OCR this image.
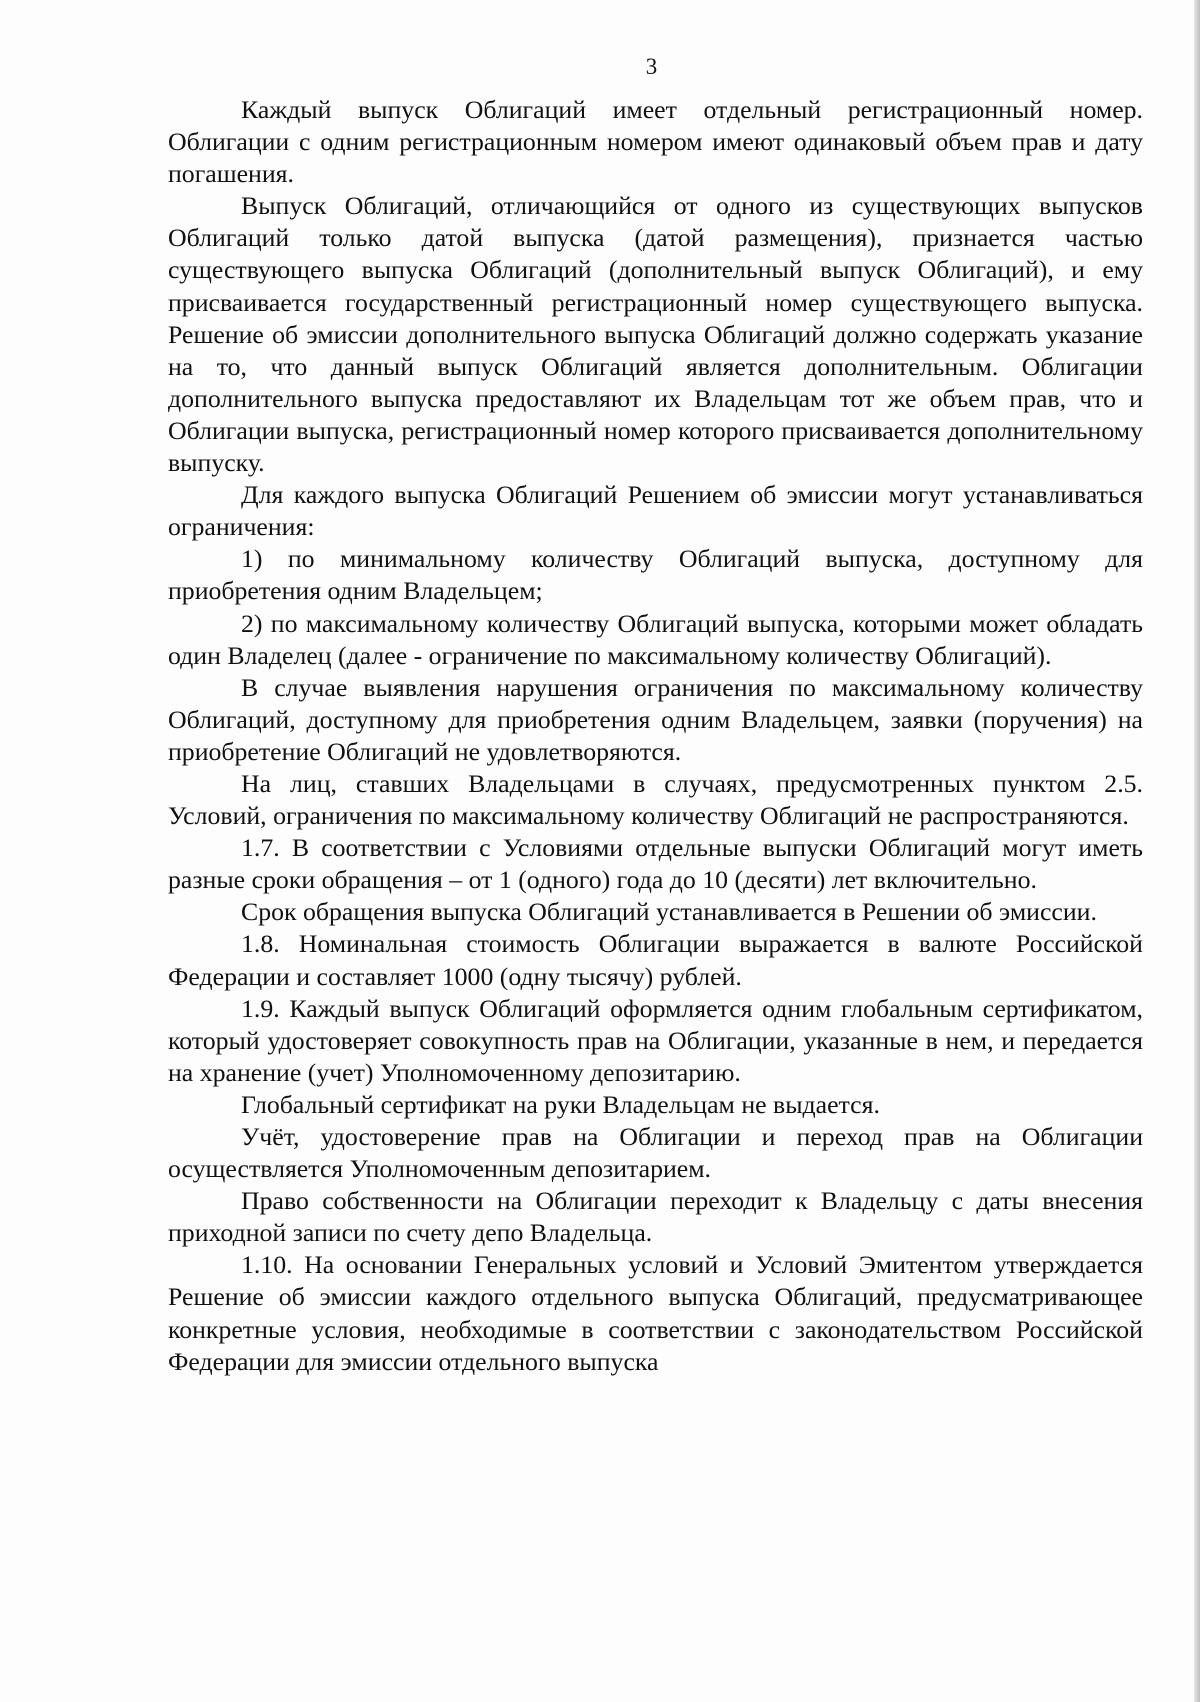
3

Каждый выпуск Облигаций имеет отдельный регистрационный номер. Облигации с одним регистрационным номером имеют одинаковый объем прав и дату погашения.

Выпуск Облигаций, отличающийся от одного из существующих выпусков Облигаций только датой выпуска (датой размещения), признается частью существующего выпуска Облигаций (дополнительный выпуск Облигаций), и ему присваивается государственный регистрационный номер существующего выпуска. Решение об эмиссии дополнительного выпуска Облигаций должно содержать указание на то, что данный выпуск Облигаций является дополнительным. Облигации дополнительного выпуска предоставляют их Владельцам тот же объем прав, что и Облигации выпуска, регистрационный номер которого присваивается дополнительному выпуску.

Для каждого выпуска Облигаций Решением об эмиссии могут устанавливаться ограничения:

1) по минимальному количеству Облигаций выпуска, доступному для приобретения одним Владельцем;

2) по максимальному количеству Облигаций выпуска, которыми может обладать один Владелец (далее - ограничение по максимальному количеству Облигаций).

В случае выявления нарушения ограничения по максимальному количеству Облигаций, доступному для приобретения одним Владельцем, заявки (поручения) на приобретение Облигаций не удовлетворяются.

На лиц, ставших Владельцами в случаях, предусмотренных пунктом 2.5. Условий, ограничения по максимальному количеству Облигаций не распространяются.

1.7. В соответствии с Условиями отдельные выпуски Облигаций могут иметь разные сроки обращения – от 1 (одного) года до 10 (десяти) лет включительно.

Срок обращения выпуска Облигаций устанавливается в Решении об эмиссии.

1.8. Номинальная стоимость Облигации выражается в валюте Российской Федерации и составляет 1000 (одну тысячу) рублей.

1.9. Каждый выпуск Облигаций оформляется одним глобальным сертификатом, который удостоверяет совокупность прав на Облигации, указанные в нем, и передается на хранение (учет) Уполномоченному депозитарию.

Глобальный сертификат на руки Владельцам не выдается.

Учёт, удостоверение прав на Облигации и переход прав на Облигации осуществляется Уполномоченным депозитарием.

Право собственности на Облигации переходит к Владельцу с даты внесения приходной записи по счету депо Владельца.

1.10. На основании Генеральных условий и Условий Эмитентом утверждается Решение об эмиссии каждого отдельного выпуска Облигаций, предусматривающее конкретные условия, необходимые в соответствии с законодательством Российской Федерации для эмиссии отдельного выпуска
